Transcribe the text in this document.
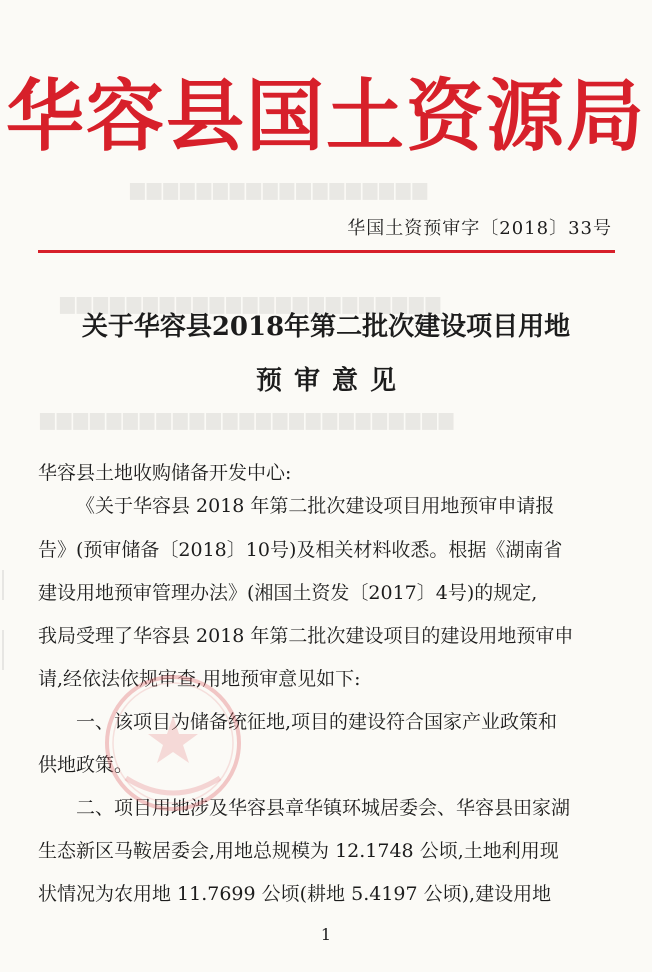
▆▆▆▆▆▆▆▆▆▆▆▆▆▆▆▆▆▆
▆▆▆▆▆▆▆▆▆▆▆▆▆▆▆▆▆▆▆▆▆▆▆
▆▆▆▆▆▆▆▆▆▆▆▆▆▆▆▆▆▆▆▆▆▆▆▆▆
华容县国土资源局
华国土资预审字〔2018〕33号
关于华容县2018年第二批次建设项目用地
预审意见
华容县土地收购储备开发中心:
《关于华容县 2018 年第二批次建设项目用地预审申请报
告》(预审储备〔2018〕10号)及相关材料收悉。根据《湖南省
建设用地预审管理办法》(湘国土资发〔2017〕4号)的规定,
我局受理了华容县 2018 年第二批次建设项目的建设用地预审申
请,经依法依规审查,用地预审意见如下:
一、该项目为储备统征地,项目的建设符合国家产业政策和
供地政策。
二、项目用地涉及华容县章华镇环城居委会、华容县田家湖
生态新区马鞍居委会,用地总规模为 12.1748 公顷,土地利用现
状情况为农用地 11.7699 公顷(耕地 5.4197 公顷),建设用地
1
